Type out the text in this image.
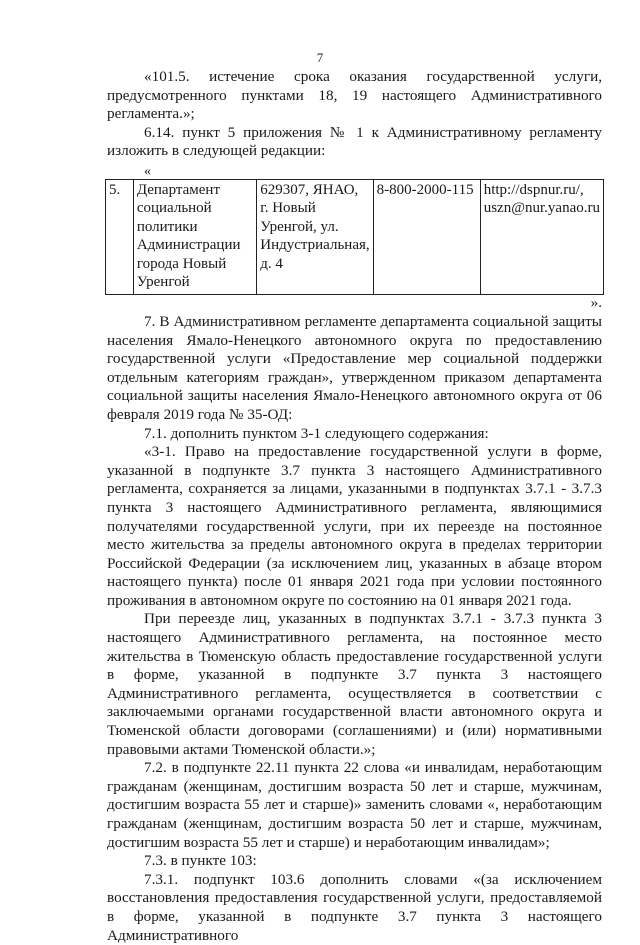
7

«101.5. истечение срока оказания государственной услуги, предусмотренного пунктами 18, 19 настоящего Административного регламента.»;

6.14. пункт 5 приложения № 1 к Административному регламенту изложить в следующей редакции:

«
5.	Департамент социальной политики Администрации города Новый Уренгой	629307, ЯНАО, г. Новый Уренгой, ул. Индустриальная, д. 4	8-800-2000-115	http://dspnur.ru/, uszn@nur.yanao.ru
».

7. В Административном регламенте департамента социальной защиты населения Ямало-Ненецкого автономного округа по предоставлению государственной услуги «Предоставление мер социальной поддержки отдельным категориям граждан», утвержденном приказом департамента социальной защиты населения Ямало-Ненецкого автономного округа от 06 февраля 2019 года № 35-ОД:

7.1. дополнить пунктом 3-1 следующего содержания:

«3-1. Право на предоставление государственной услуги в форме, указанной в подпункте 3.7 пункта 3 настоящего Административного регламента, сохраняется за лицами, указанными в подпунктах 3.7.1 - 3.7.3 пункта 3 настоящего Административного регламента, являющимися получателями государственной услуги, при их переезде на постоянное место жительства за пределы автономного округа в пределах территории Российской Федерации (за исключением лиц, указанных в абзаце втором настоящего пункта) после 01 января 2021 года при условии постоянного проживания в автономном округе по состоянию на 01 января 2021 года.

При переезде лиц, указанных в подпунктах 3.7.1 - 3.7.3 пункта 3 настоящего Административного регламента, на постоянное место жительства в Тюменскую область предоставление государственной услуги в форме, указанной в подпункте 3.7 пункта 3 настоящего Административного регламента, осуществляется в соответствии с заключаемыми органами государственной власти автономного округа и Тюменской области договорами (соглашениями) и (или) нормативными правовыми актами Тюменской области.»;

7.2. в подпункте 22.11 пункта 22 слова «и инвалидам, неработающим гражданам (женщинам, достигшим возраста 50 лет и старше, мужчинам, достигшим возраста 55 лет и старше)» заменить словами «, неработающим гражданам (женщинам, достигшим возраста 50 лет и старше, мужчинам, достигшим возраста 55 лет и старше) и неработающим инвалидам»;

7.3. в пункте 103:

7.3.1. подпункт 103.6 дополнить словами «(за исключением восстановления предоставления государственной услуги, предоставляемой в форме, указанной в подпункте 3.7 пункта 3 настоящего Административного
